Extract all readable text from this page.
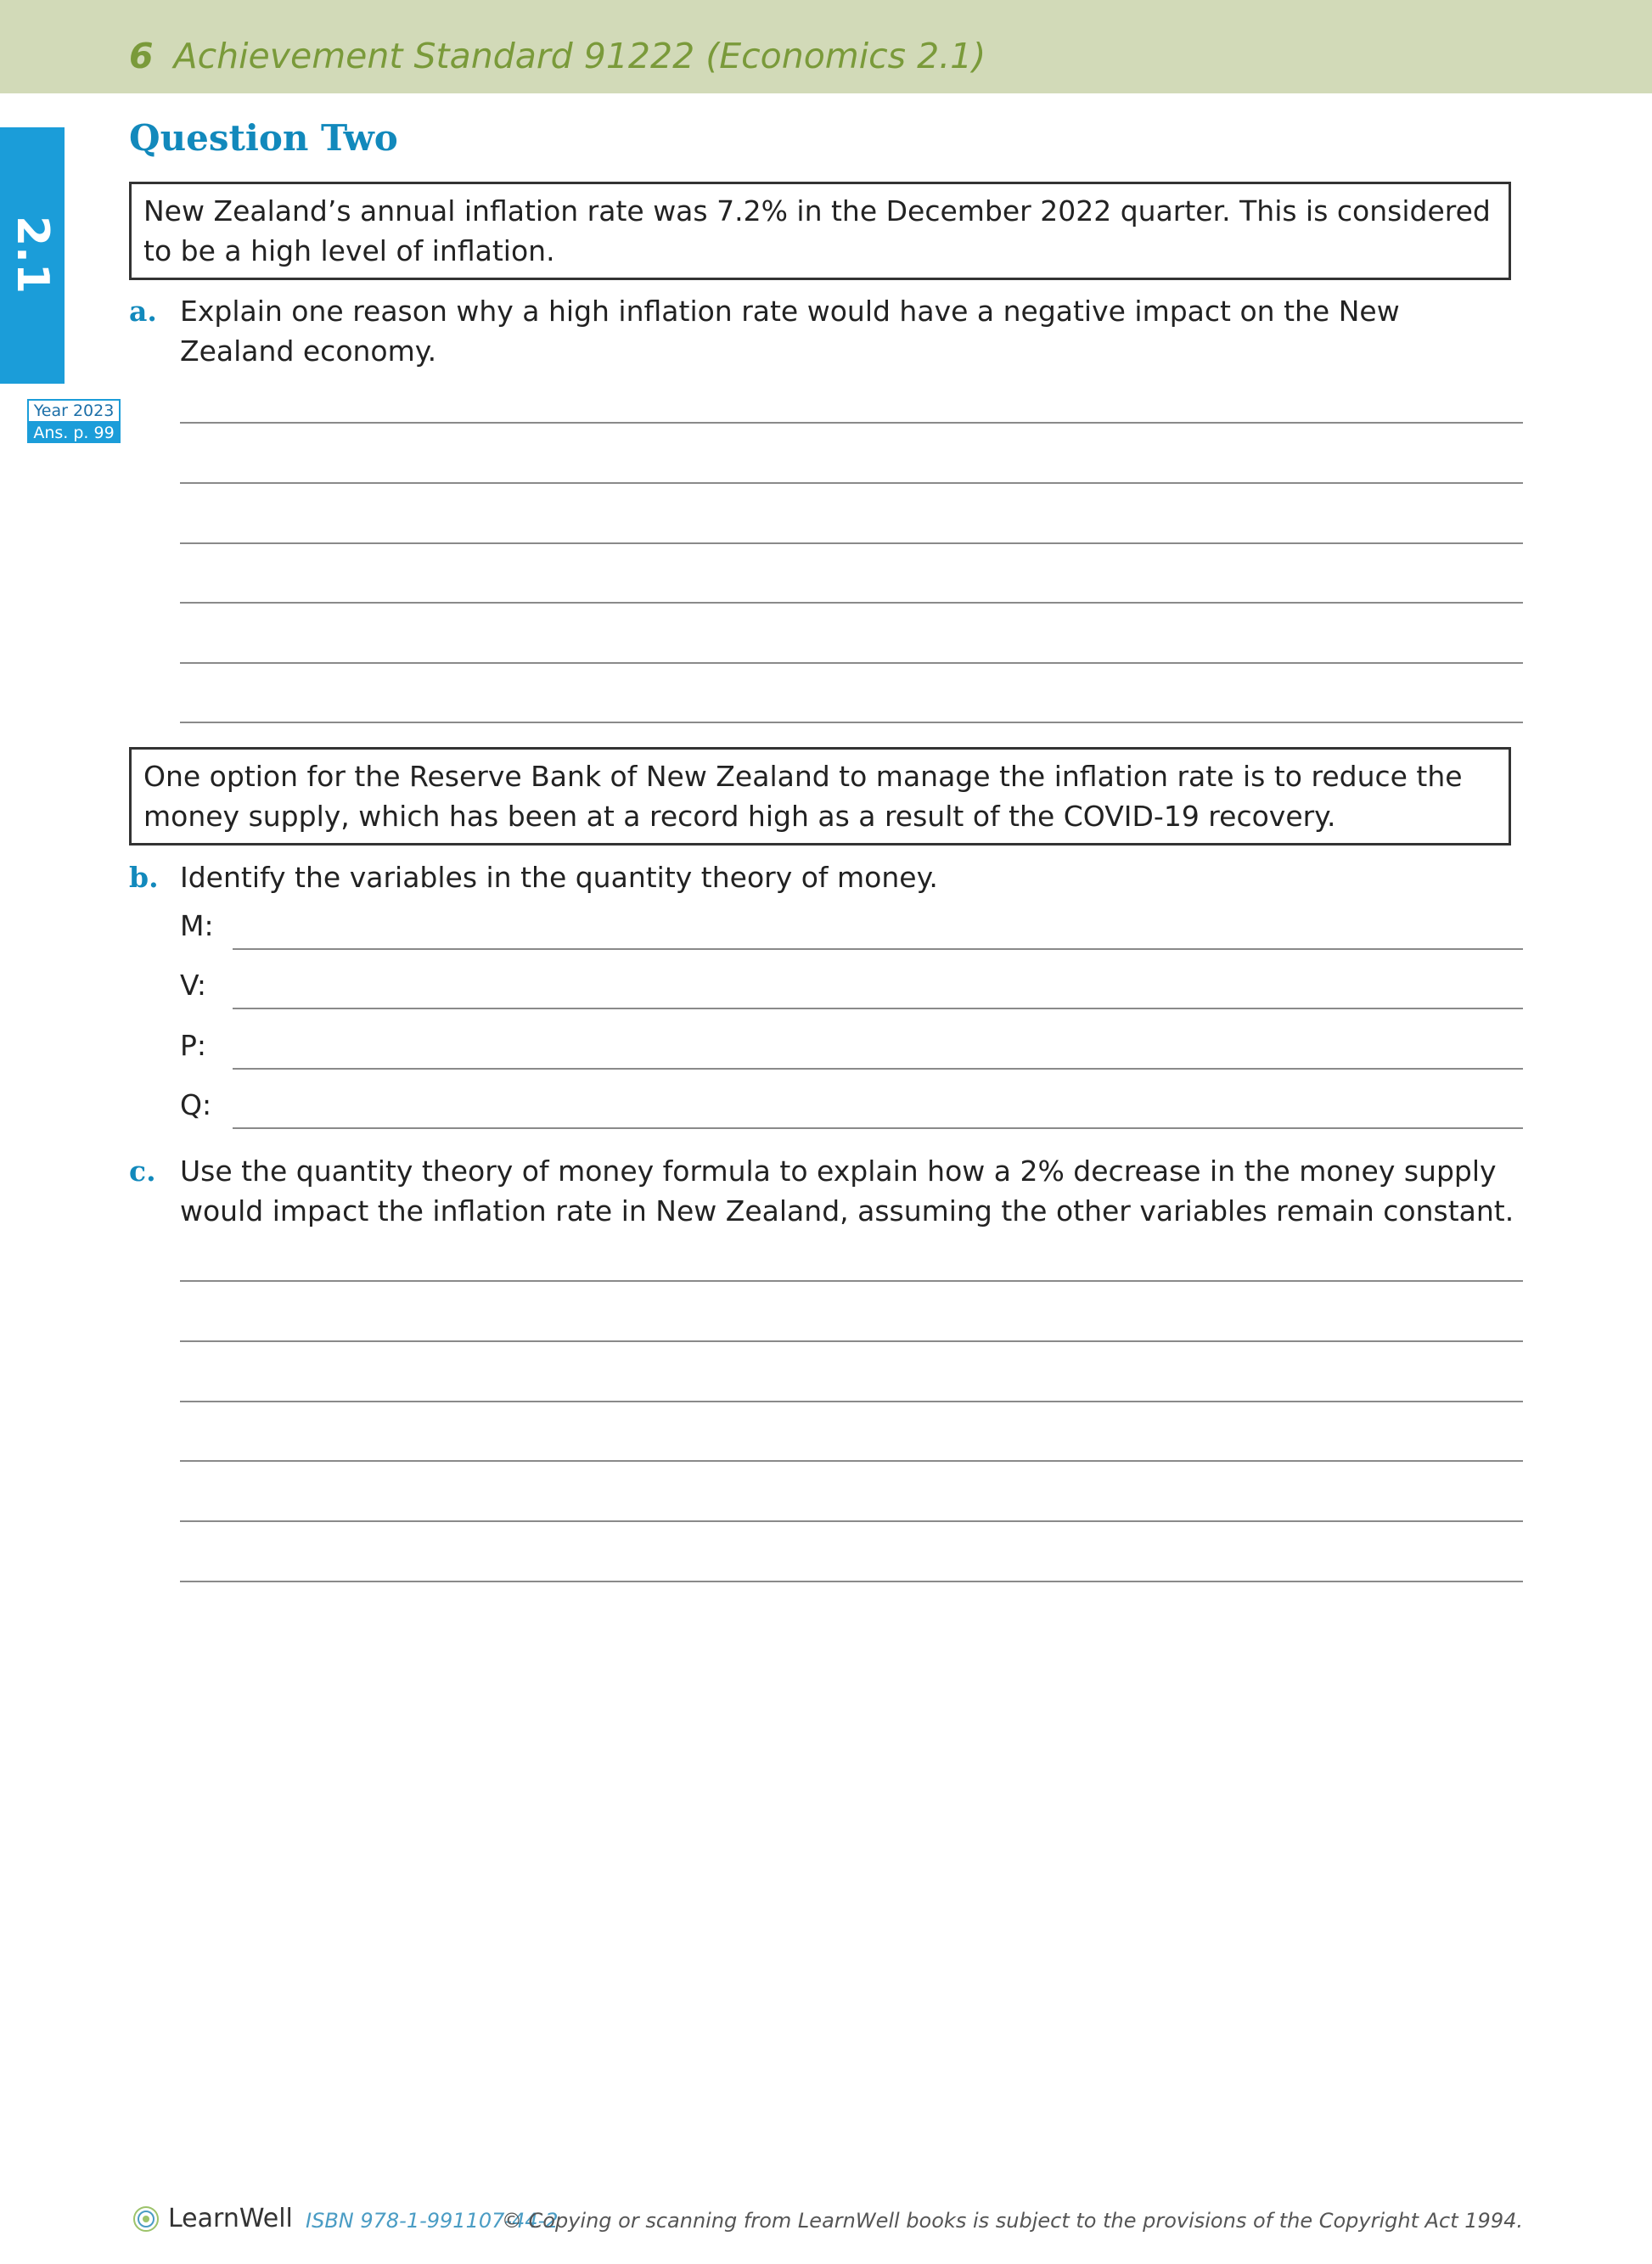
6 Achievement Standard 91222 (Economics 2.1)
2.1
Year 2023
Ans. p. 99
Question Two
New Zealand’s annual inflation rate was 7.2% in the December 2022 quarter. This is considered to be a high level of inflation.
a. Explain one reason why a high inflation rate would have a negative impact on the New Zealand economy.
One option for the Reserve Bank of New Zealand to manage the inflation rate is to reduce the money supply, which has been at a record high as a result of the COVID-19 recovery.
b. Identify the variables in the quantity theory of money.
M:
V:
P:
Q:
c. Use the quantity theory of money formula to explain how a 2% decrease in the money supply would impact the inflation rate in New Zealand, assuming the other variables remain constant.
LearnWell ISBN 978-1-991107-44-2
© Copying or scanning from LearnWell books is subject to the provisions of the Copyright Act 1994.
